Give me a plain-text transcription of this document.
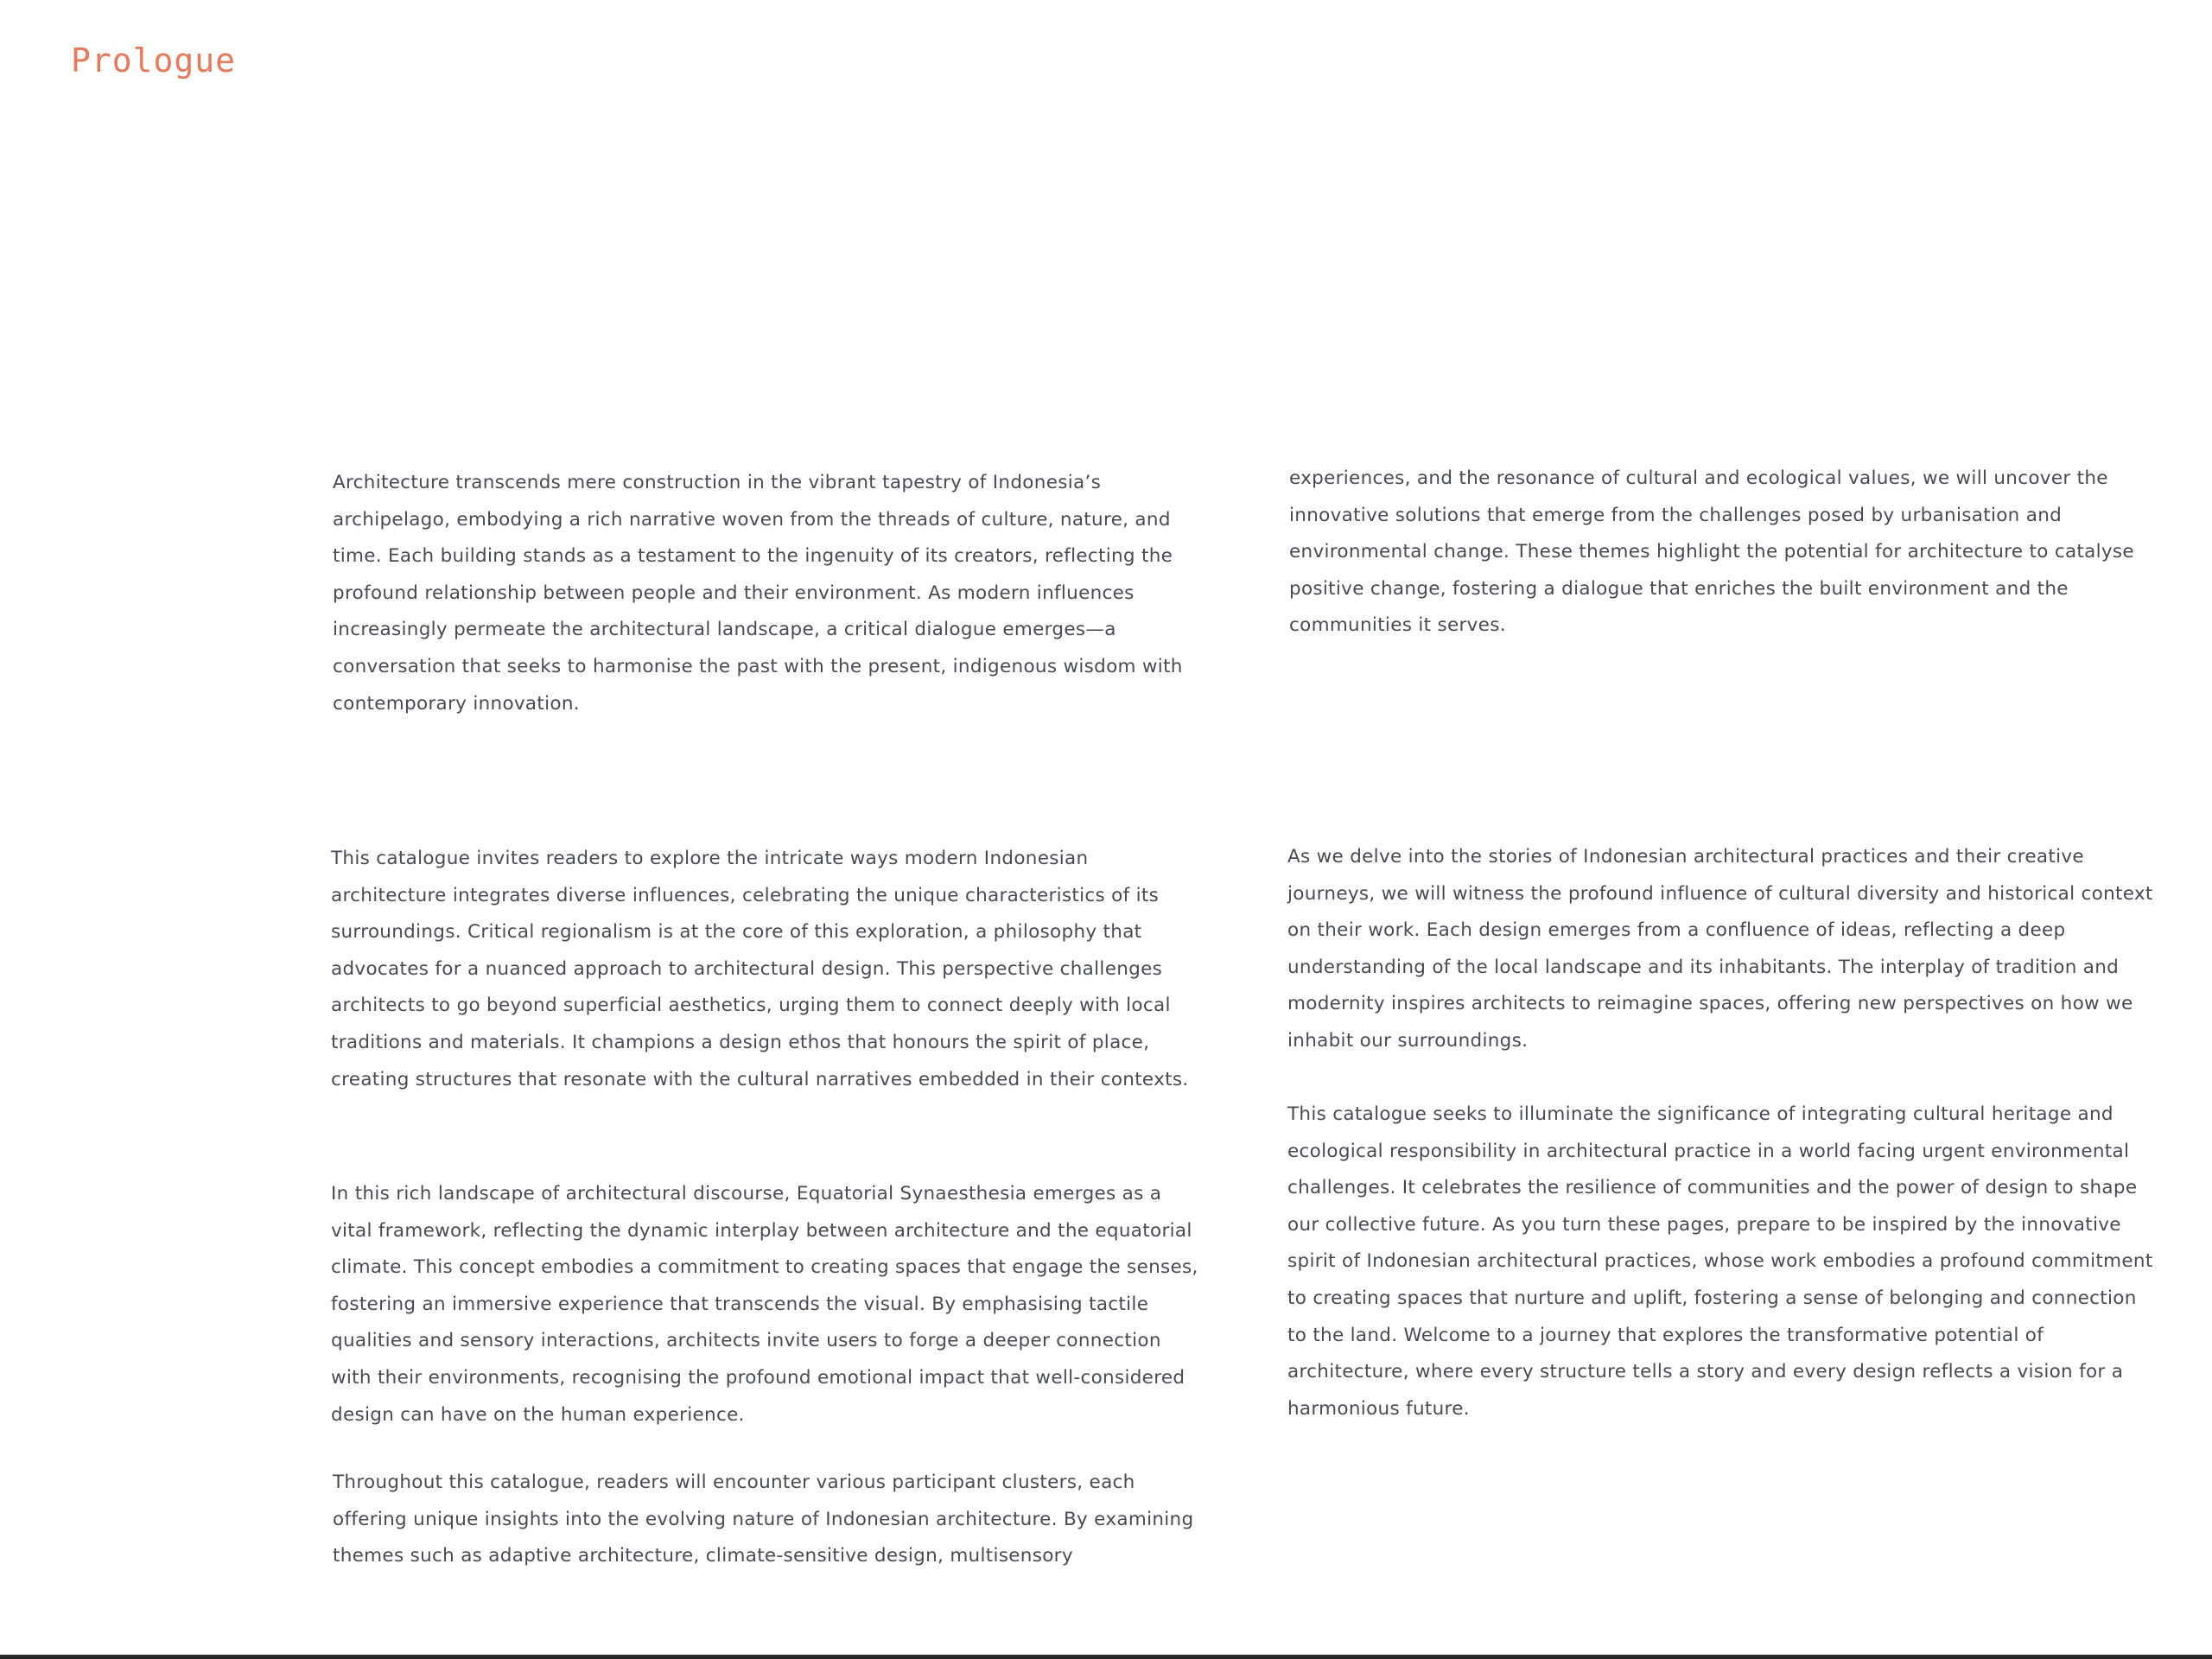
Prologue

Architecture transcends mere construction in the vibrant tapestry of Indonesia’s archipelago, embodying a rich narrative woven from the threads of culture, nature, and time. Each building stands as a testament to the ingenuity of its creators, reflecting the profound relationship between people and their environment. As modern influences increasingly permeate the architectural landscape, a critical dialogue emerges—a conversation that seeks to harmonise the past with the present, indigenous wisdom with contemporary innovation.

This catalogue invites readers to explore the intricate ways modern Indonesian architecture integrates diverse influences, celebrating the unique characteristics of its surroundings. Critical regionalism is at the core of this exploration, a philosophy that advocates for a nuanced approach to architectural design. This perspective challenges architects to go beyond superficial aesthetics, urging them to connect deeply with local traditions and materials. It champions a design ethos that honours the spirit of place, creating structures that resonate with the cultural narratives embedded in their contexts.

In this rich landscape of architectural discourse, Equatorial Synaesthesia emerges as a vital framework, reflecting the dynamic interplay between architecture and the equatorial climate. This concept embodies a commitment to creating spaces that engage the senses, fostering an immersive experience that transcends the visual. By emphasising tactile qualities and sensory interactions, architects invite users to forge a deeper connection with their environments, recognising the profound emotional impact that well-considered design can have on the human experience.

Throughout this catalogue, readers will encounter various participant clusters, each offering unique insights into the evolving nature of Indonesian architecture. By examining themes such as adaptive architecture, climate-sensitive design, multisensory

experiences, and the resonance of cultural and ecological values, we will uncover the innovative solutions that emerge from the challenges posed by urbanisation and environmental change. These themes highlight the potential for architecture to catalyse positive change, fostering a dialogue that enriches the built environment and the communities it serves.

As we delve into the stories of Indonesian architectural practices and their creative journeys, we will witness the profound influence of cultural diversity and historical context on their work. Each design emerges from a confluence of ideas, reflecting a deep understanding of the local landscape and its inhabitants. The interplay of tradition and modernity inspires architects to reimagine spaces, offering new perspectives on how we inhabit our surroundings.

This catalogue seeks to illuminate the significance of integrating cultural heritage and ecological responsibility in architectural practice in a world facing urgent environmental challenges. It celebrates the resilience of communities and the power of design to shape our collective future. As you turn these pages, prepare to be inspired by the innovative spirit of Indonesian architectural practices, whose work embodies a profound commitment to creating spaces that nurture and uplift, fostering a sense of belonging and connection to the land. Welcome to a journey that explores the transformative potential of architecture, where every structure tells a story and every design reflects a vision for a harmonious future.
